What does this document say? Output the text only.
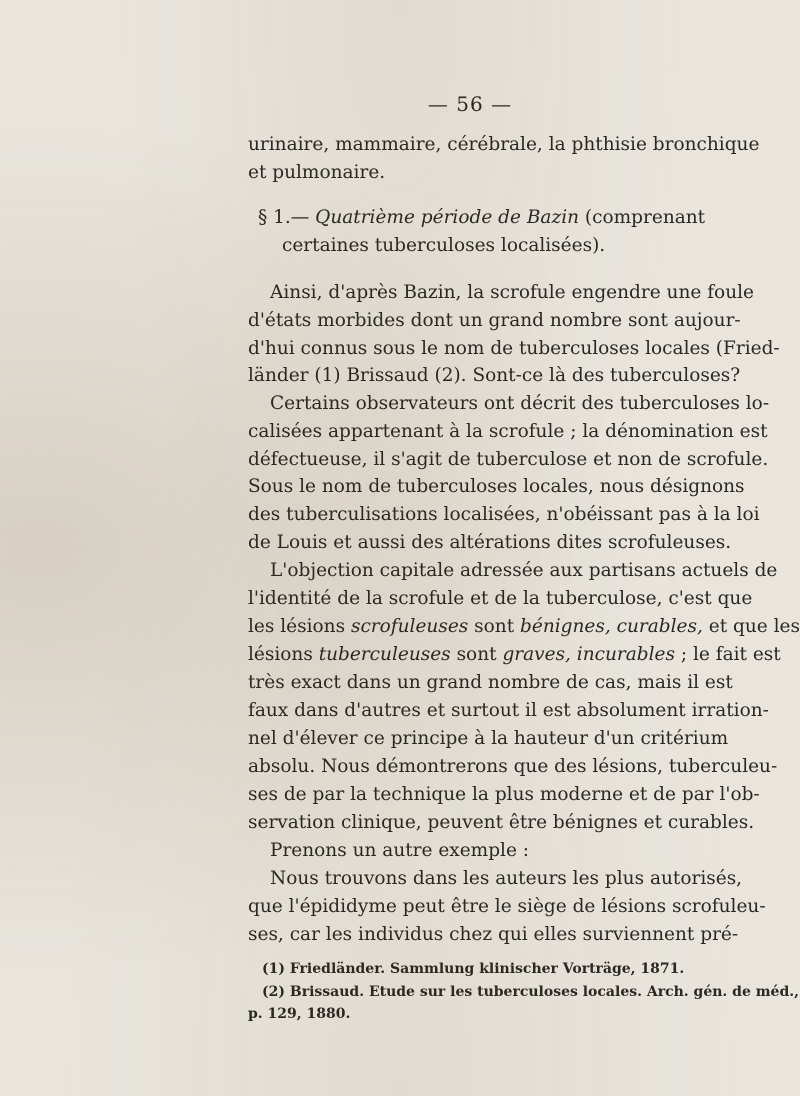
— 56 —
urinaire, mammaire, cérébrale, la phthisie bronchique
et pulmonaire.
§ 1.— Quatrième période de Bazin (comprenant
certaines tuberculoses localisées).
Ainsi, d'après Bazin, la scrofule engendre une foule
d'états morbides dont un grand nombre sont aujour-
d'hui connus sous le nom de tuberculoses locales (Fried-
länder (1) Brissaud (2). Sont-ce là des tuberculoses?
Certains observateurs ont décrit des tuberculoses lo-
calisées appartenant à la scrofule ; la dénomination est
défectueuse, il s'agit de tuberculose et non de scrofule.
Sous le nom de tuberculoses locales, nous désignons
des tuberculisations localisées, n'obéissant pas à la loi
de Louis et aussi des altérations dites scrofuleuses.
L'objection capitale adressée aux partisans actuels de
l'identité de la scrofule et de la tuberculose, c'est que
les lésions scrofuleuses sont bénignes, curables, et que les
lésions tuberculeuses sont graves, incurables ; le fait est
très exact dans un grand nombre de cas, mais il est
faux dans d'autres et surtout il est absolument irration-
nel d'élever ce principe à la hauteur d'un critérium
absolu. Nous démontrerons que des lésions, tuberculeu-
ses de par la technique la plus moderne et de par l'ob-
servation clinique, peuvent être bénignes et curables.
Prenons un autre exemple :
Nous trouvons dans les auteurs les plus autorisés,
que l'épididyme peut être le siège de lésions scrofuleu-
ses, car les individus chez qui elles surviennent pré-
(1) Friedländer. Sammlung klinischer Vorträge, 1871.
(2) Brissaud. Etude sur les tuberculoses locales. Arch. gén. de méd.,
p. 129, 1880.
